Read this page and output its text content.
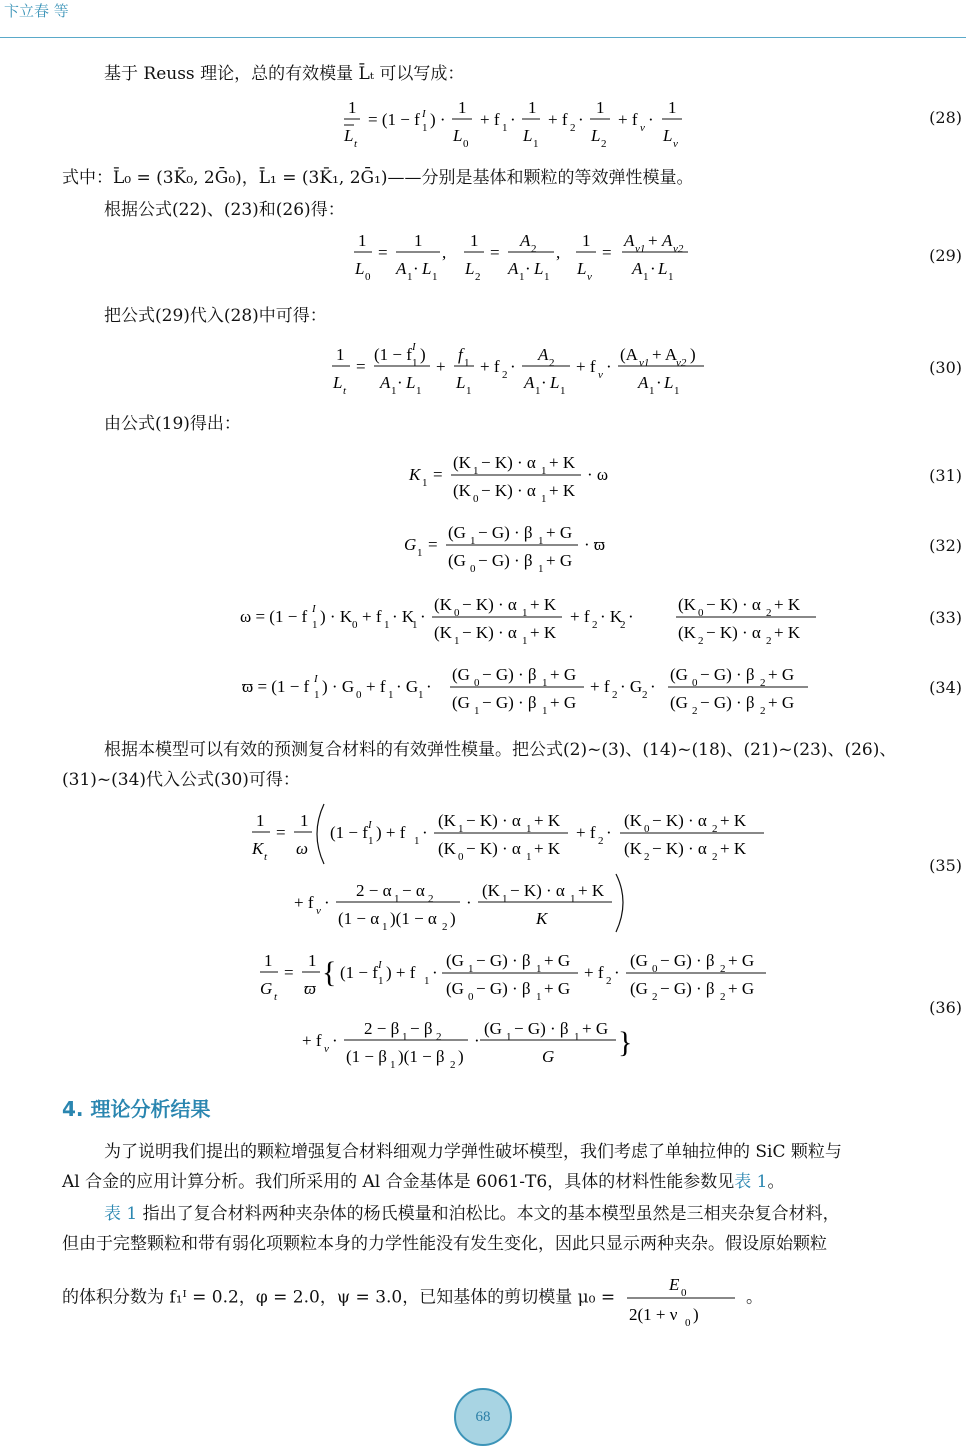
卞立春 等
基于 Reuss 理论，总的有效模量 L̄ₜ 可以写成：
1
L t
= (1 − f 1
I ) ·
1
L 0
+ f 1 ·
1
L 1
+ f 2 ·
1
L 2
+ f v ·
1
L v
(28)
式中：L̄₀ = (3K̄₀, 2Ḡ₀)，L̄₁ = (3K̄₁, 2Ḡ₁)——分别是基体和颗粒的等效弹性模量。
根据公式(22)、(23)和(26)得：
1
L 0
=
1
A 1 · L 1
,
1
L 2
=
A 2
A 1 · L 1
,
1
L v
=
A v1 + A v2
A 1 · L 1
(29)
把公式(29)代入(28)中可得：
1
L t
=
(1 − f 1
I )
A 1 · L 1
+
f 1
L 1
+ f 2 ·
A 2
A 1 · L 1
+ f v ·
(A v1 + A
v2 )
A 1 · L 1
(30)
由公式(19)得出：
K 1 =
(K 1 − K) · α 1 + K
(K 0 − K) · α 1 + K
· ω	(31)
G 1 =
(G 1 − G) · β 1 + G
(G 0 − G) · β 1 + G
· ϖ	(32)
ω = (1 − f 1
I ) · K 0 + f 1 · K
1 ·
(K 0 − K) · α 1 + K
(K 1 − K) · α 1 + K
+ f 2 · K
2 ·
(K 0 − K) · α 2 + K
(K 2 − K) · α 2 + K
(33)
ϖ = (1 − f 1
I ) · G 0 + f 1 · G 1 ·
(G 0 − G) · β 1 + G
(G 1 − G) · β 1 + G
+ f 2 · G 2 ·
(G 0 − G) · β 2 + G
(G 2 − G) · β 2 + G
(34)
根据本模型可以有效的预测复合材料的有效弹性模量。把公式(2)~(3)、(14)~(18)、(21)~(23)、(26)、
(31)~(34)代入公式(30)可得：
1
K t
=
1
ω
(1 − f 1
I ) + f 1 ·
(K 1 − K) · α 1 + K
(K 0 − K) · α 1 + K
+ f 2 ·
(K 0 − K) · α 2 + K
(K 2 − K) · α 2 + K
+ f v ·
2 − α 1 − α 2
(1 − α 1 )(1 − α 2 )
·
(K 1 − K) · α 1 + K
K
(35)
1
G t
=
1
ϖ { (1 − f 1
I ) + f 1 ·
(G 1 − G) · β 1 + G
(G 0 − G) · β 1 + G
+ f 2 ·
(G 0 − G) · β 2 + G
(G 2 − G) · β 2 + G
+ f v ·
2 − β 1 − β 2
(1 − β 1 )(1 − β 2 )
·
(G 1 − G) · β 1 + G
G }
(36)
4. 理论分析结果
为了说明我们提出的颗粒增强复合材料细观力学弹性破坏模型，我们考虑了单轴拉伸的 SiC 颗粒与
Al 合金的应用计算分析。我们所采用的 Al 合金基体是 6061-T6，具体的材料性能参数见表 1。
表 1 指出了复合材料两种夹杂体的杨氏模量和泊松比。本文的基本模型虽然是三相夹杂复合材料，
但由于完整颗粒和带有弱化项颗粒本身的力学性能没有发生变化，因此只显示两种夹杂。假设原始颗粒
的体积分数为 f₁ᴵ = 0.2，φ = 2.0，ψ = 3.0，已知基体的剪切模量 μ₀ =
E 0
2(1 + ν 0 )
。
68
